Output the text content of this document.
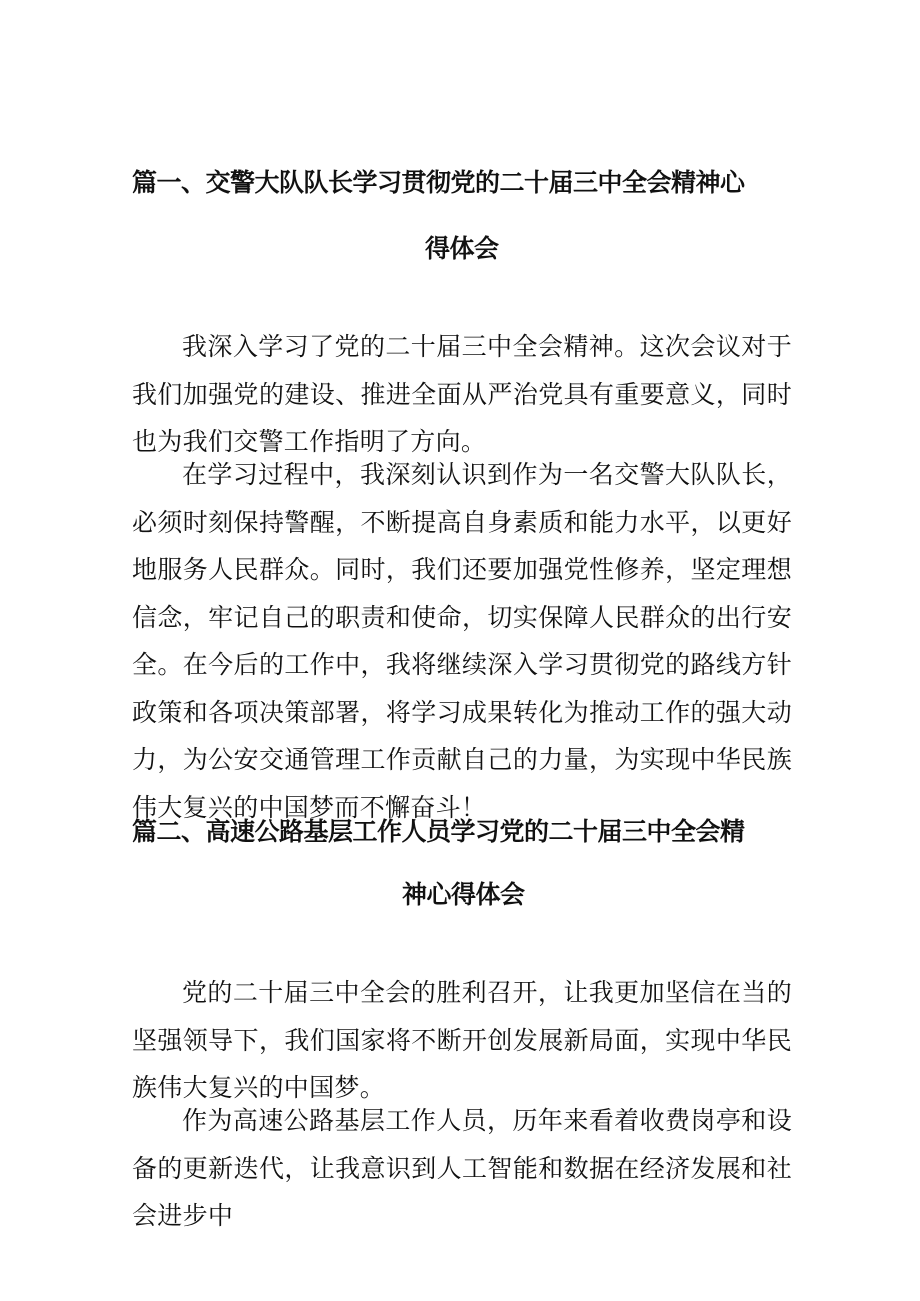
篇一、交警大队队长学习贯彻党的二十届三中全会精神心
得体会

我深入学习了党的二十届三中全会精神。这次会议对于我们加强党的建设、推进全面从严治党具有重要意义，同时也为我们交警工作指明了方向。

在学习过程中，我深刻认识到作为一名交警大队队长，必须时刻保持警醒，不断提高自身素质和能力水平，以更好地服务人民群众。同时，我们还要加强党性修养，坚定理想信念，牢记自己的职责和使命，切实保障人民群众的出行安全。在今后的工作中，我将继续深入学习贯彻党的路线方针政策和各项决策部署，将学习成果转化为推动工作的强大动力，为公安交通管理工作贡献自己的力量，为实现中华民族伟大复兴的中国梦而不懈奋斗！

篇二、高速公路基层工作人员学习党的二十届三中全会精
神心得体会

党的二十届三中全会的胜利召开，让我更加坚信在当的坚强领导下，我们国家将不断开创发展新局面，实现中华民族伟大复兴的中国梦。

作为高速公路基层工作人员，历年来看着收费岗亭和设备的更新迭代，让我意识到人工智能和数据在经济发展和社会进步中
